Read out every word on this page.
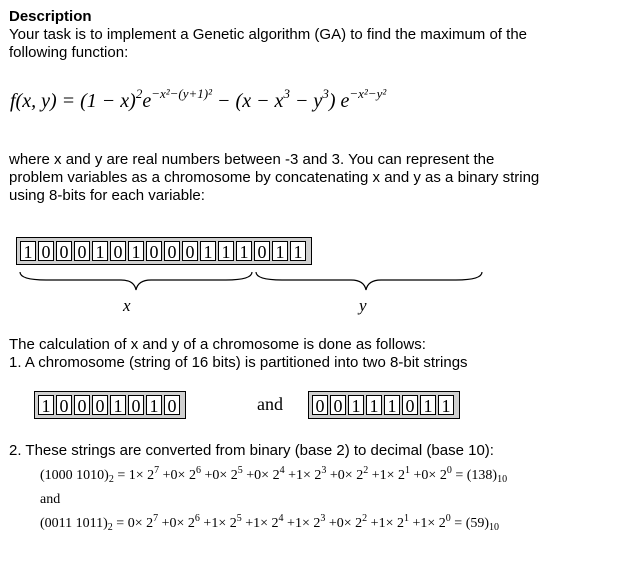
Description
Your task is to implement a Genetic algorithm (GA) to find the maximum of the
following function:
f(x, $y) = (1 - x)^2e^{-x^2-(y+1)^2} - (x - x^3 - y^3)$ $e^{-x^2-y^2}$
where x and y are real numbers between -3 and 3. You can represent the
problem variables as a chromosome by concatenating x and y as a binary string
using 8-bits for each variable:
1 0 0 0 1 0 1 0 0 0 1 1 1 0 1 1
x	y
The calculation of x and y of a chromosome is done as follows:
1. A chromosome (string of 16 bits) is partitioned into two 8-bit strings
1 0 0 0 1 0 1 0	and 0 0 1 1 1 0 1 1
2. These strings are converted from binary (base 2) to decimal (base 10):
(1000 $1010)_2 = 1\times 2^7 +0\times 2^6 +0\times 2^5 +0\times 2^4 +1\times 2^3 +0\times 2^2 +1\times 2^1 +0\times 2^0 = (138)_{10}$
and
(0011 $1011)_2 = 0\times 2^7 +0\times 2^6 +1\times 2^5 +1\times 2^4 +1\times 2^3 +0\times 2^2 +1\times 2^1 +1\times 2^0 = (59)_{10}$
